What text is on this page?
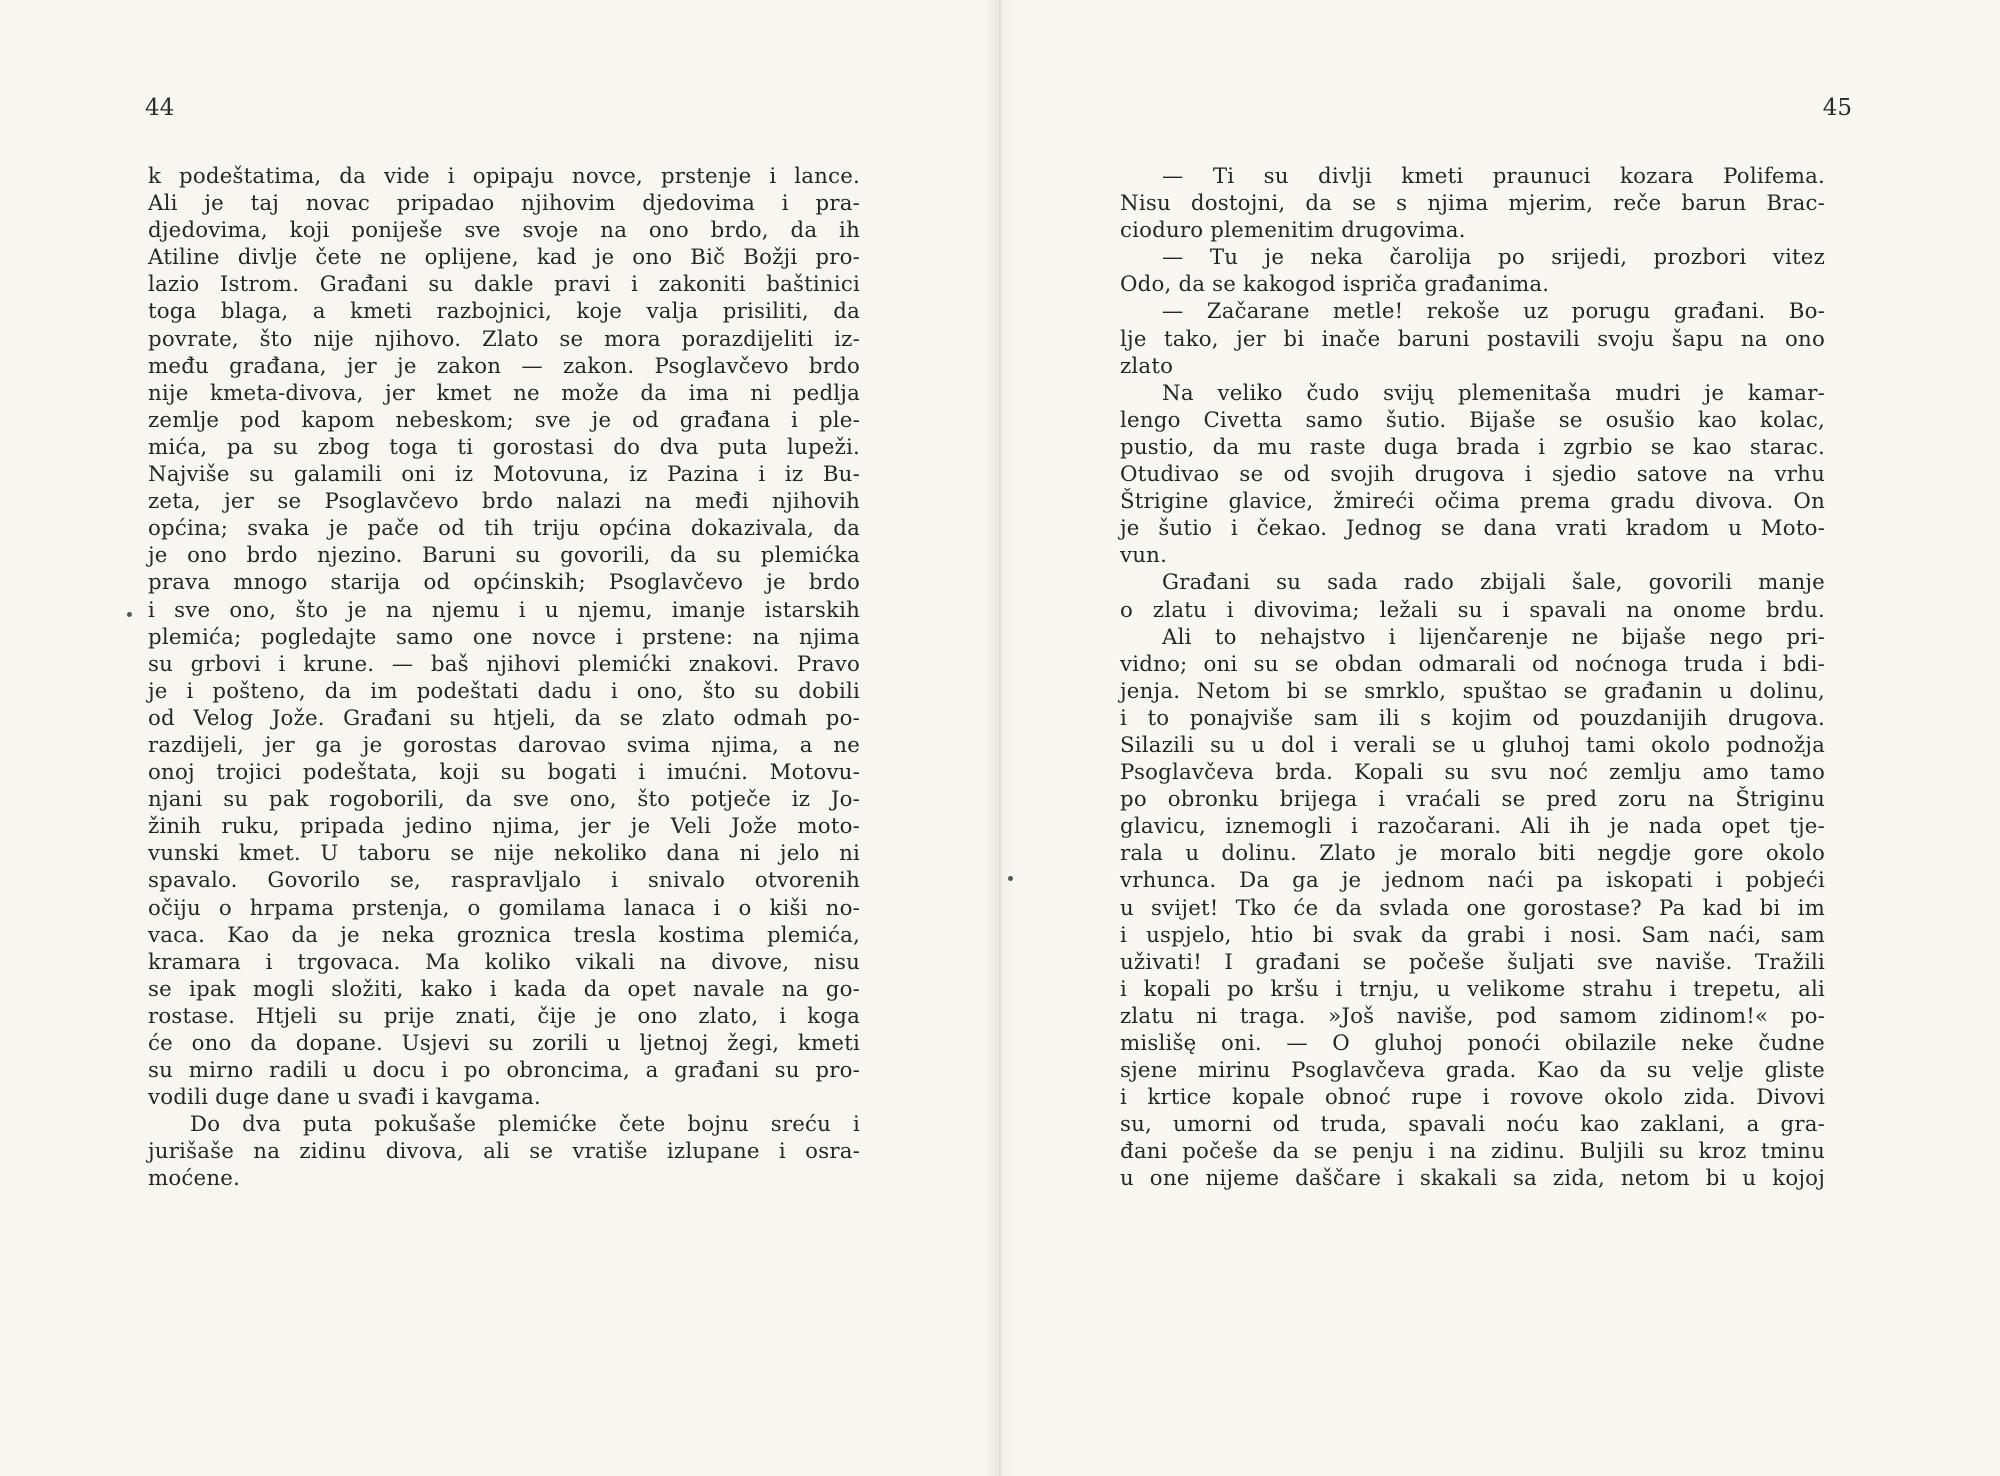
44
k podeštatima, da vide i opipaju novce, prstenje i lance.
Ali je taj novac pripadao njihovim djedovima i pra-
djedovima, koji poniješe sve svoje na ono brdo, da ih
Atiline divlje čete ne oplijene, kad je ono Bič Božji pro-
lazio Istrom. Građani su dakle pravi i zakoniti baštinici
toga blaga, a kmeti razbojnici, koje valja prisiliti, da
povrate, što nije njihovo. Zlato se mora porazdijeliti iz-
među građana, jer je zakon — zakon. Psoglavčevo brdo
nije kmeta-divova, jer kmet ne može da ima ni pedlja
zemlje pod kapom nebeskom; sve je od građana i ple-
mića, pa su zbog toga ti gorostasi do dva puta lupeži.
Najviše su galamili oni iz Motovuna, iz Pazina i iz Bu-
zeta, jer se Psoglavčevo brdo nalazi na međi njihovih
općina; svaka je pače od tih triju općina dokazivala, da
je ono brdo njezino. Baruni su govorili, da su plemićka
prava mnogo starija od općinskih; Psoglavčevo je brdo
i sve ono, što je na njemu i u njemu, imanje istarskih
plemića; pogledajte samo one novce i prstene: na njima
su grbovi i krune. — baš njihovi plemićki znakovi. Pravo
je i pošteno, da im podeštati dadu i ono, što su dobili
od Velog Jože. Građani su htjeli, da se zlato odmah po-
razdijeli, jer ga je gorostas darovao svima njima, a ne
onoj trojici podeštata, koji su bogati i imućni. Motovu-
njani su pak rogoborili, da sve ono, što potječe iz Jo-
žinih ruku, pripada jedino njima, jer je Veli Jože moto-
vunski kmet. U taboru se nije nekoliko dana ni jelo ni
spavalo. Govorilo se, raspravljalo i snivalo otvorenih
očiju o hrpama prstenja, o gomilama lanaca i o kiši no-
vaca. Kao da je neka groznica tresla kostima plemića,
kramara i trgovaca. Ma koliko vikali na divove, nisu
se ipak mogli složiti, kako i kada da opet navale na go-
rostase. Htjeli su prije znati, čije je ono zlato, i koga
će ono da dopane. Usjevi su zorili u ljetnoj žegi, kmeti
su mirno radili u docu i po obroncima, a građani su pro-
vodili duge dane u svađi i kavgama.
Do dva puta pokušaše plemićke čete bojnu sreću i
jurišaše na zidinu divova, ali se vratiše izlupane i osra-
moćene.
45
— Ti su divlji kmeti praunuci kozara Polifema.
Nisu dostojni, da se s njima mjerim, reče barun Brac-
cioduro plemenitim drugovima.
— Tu je neka čarolija po srijedi, prozbori vitez
Odo, da se kakogod ispriča građanima.
— Začarane metle! rekoše uz porugu građani. Bo-
lje tako, jer bi inače baruni postavili svoju šapu na ono
zlato
Na veliko čudo svijų plemenitaša mudri je kamar-
lengo Civetta samo šutio. Bijaše se osušio kao kolac,
pustio, da mu raste duga brada i zgrbio se kao starac.
Otudivao se od svojih drugova i sjedio satove na vrhu
Štrigine glavice, žmireći očima prema gradu divova. On
je šutio i čekao. Jednog se dana vrati kradom u Moto-
vun.
Građani su sada rado zbijali šale, govorili manje
o zlatu i divovima; ležali su i spavali na onome brdu.
Ali to nehajstvo i lijenčarenje ne bijaše nego pri-
vidno; oni su se obdan odmarali od noćnoga truda i bdi-
jenja. Netom bi se smrklo, spuštao se građanin u dolinu,
i to ponajviše sam ili s kojim od pouzdanijih drugova.
Silazili su u dol i verali se u gluhoj tami okolo podnožja
Psoglavčeva brda. Kopali su svu noć zemlju amo tamo
po obronku brijega i vraćali se pred zoru na Štriginu
glavicu, iznemogli i razočarani. Ali ih je nada opet tje-
rala u dolinu. Zlato je moralo biti negdje gore okolo
vrhunca. Da ga je jednom naći pa iskopati i pobjeći
u svijet! Tko će da svlada one gorostase? Pa kad bi im
i uspjelo, htio bi svak da grabi i nosi. Sam naći, sam
uživati! I građani se počeše šuljati sve naviše. Tražili
i kopali po kršu i trnju, u velikome strahu i trepetu, ali
zlatu ni traga. »Još naviše, pod samom zidinom!« po-
mislišę oni. — O gluhoj ponoći obilazile neke čudne
sjene mirinu Psoglavčeva grada. Kao da su velje gliste
i krtice kopale obnoć rupe i rovove okolo zida. Divovi
su, umorni od truda, spavali noću kao zaklani, a gra-
đani počeše da se penju i na zidinu. Buljili su kroz tminu
u one nijeme daščare i skakali sa zida, netom bi u kojoj
